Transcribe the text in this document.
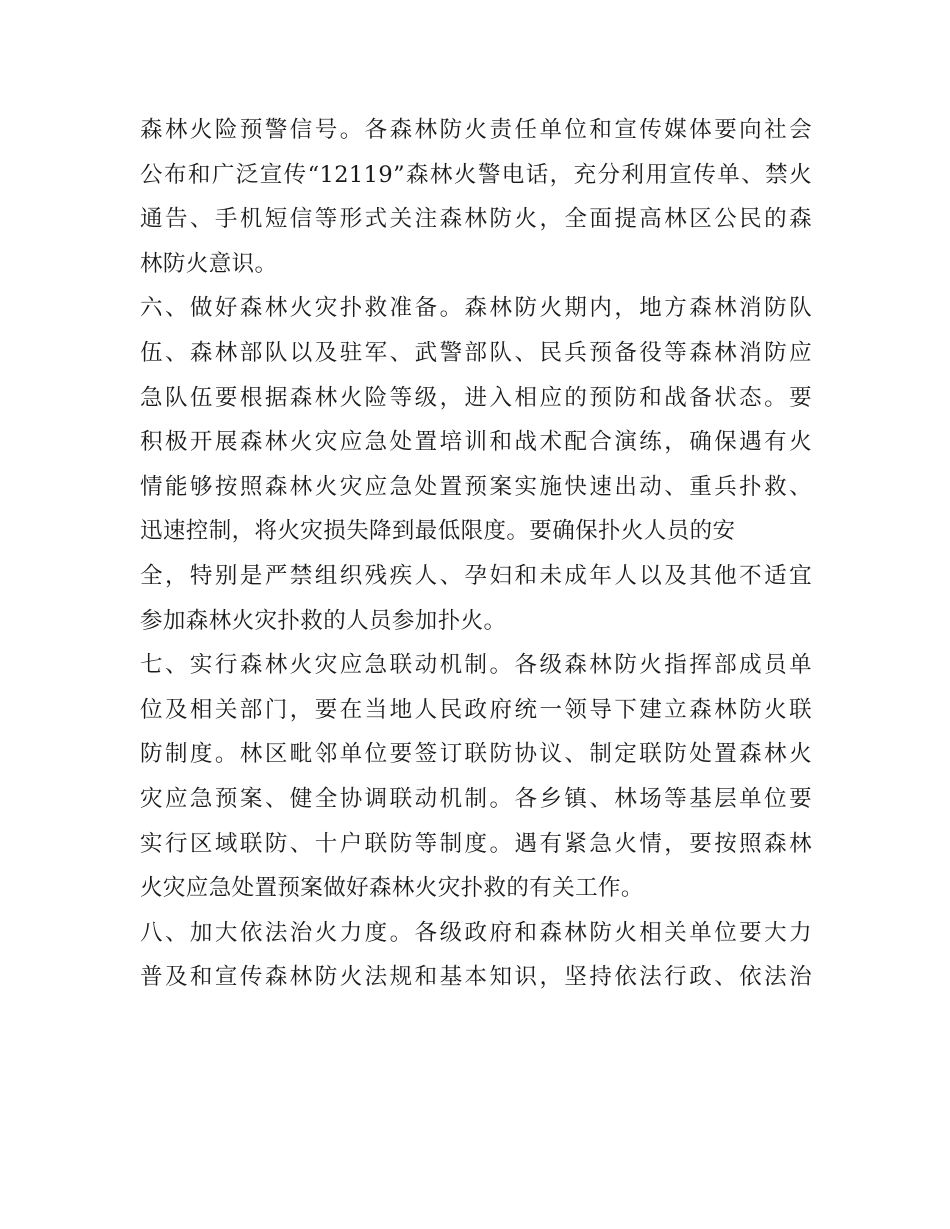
森林火险预警信号。各森林防火责任单位和宣传媒体要向社会
公布和广泛宣传“12119”森林火警电话，充分利用宣传单、禁火
通告、手机短信等形式关注森林防火，全面提高林区公民的森
林防火意识。
六、做好森林火灾扑救准备。森林防火期内，地方森林消防队
伍、森林部队以及驻军、武警部队、民兵预备役等森林消防应
急队伍要根据森林火险等级，进入相应的预防和战备状态。要
积极开展森林火灾应急处置培训和战术配合演练，确保遇有火
情能够按照森林火灾应急处置预案实施快速出动、重兵扑救、
迅速控制，将火灾损失降到最低限度。要确保扑火人员的安
全，特别是严禁组织残疾人、孕妇和未成年人以及其他不适宜
参加森林火灾扑救的人员参加扑火。
七、实行森林火灾应急联动机制。各级森林防火指挥部成员单
位及相关部门，要在当地人民政府统一领导下建立森林防火联
防制度。林区毗邻单位要签订联防协议、制定联防处置森林火
灾应急预案、健全协调联动机制。各乡镇、林场等基层单位要
实行区域联防、十户联防等制度。遇有紧急火情，要按照森林
火灾应急处置预案做好森林火灾扑救的有关工作。
八、加大依法治火力度。各级政府和森林防火相关单位要大力
普及和宣传森林防火法规和基本知识，坚持依法行政、依法治
